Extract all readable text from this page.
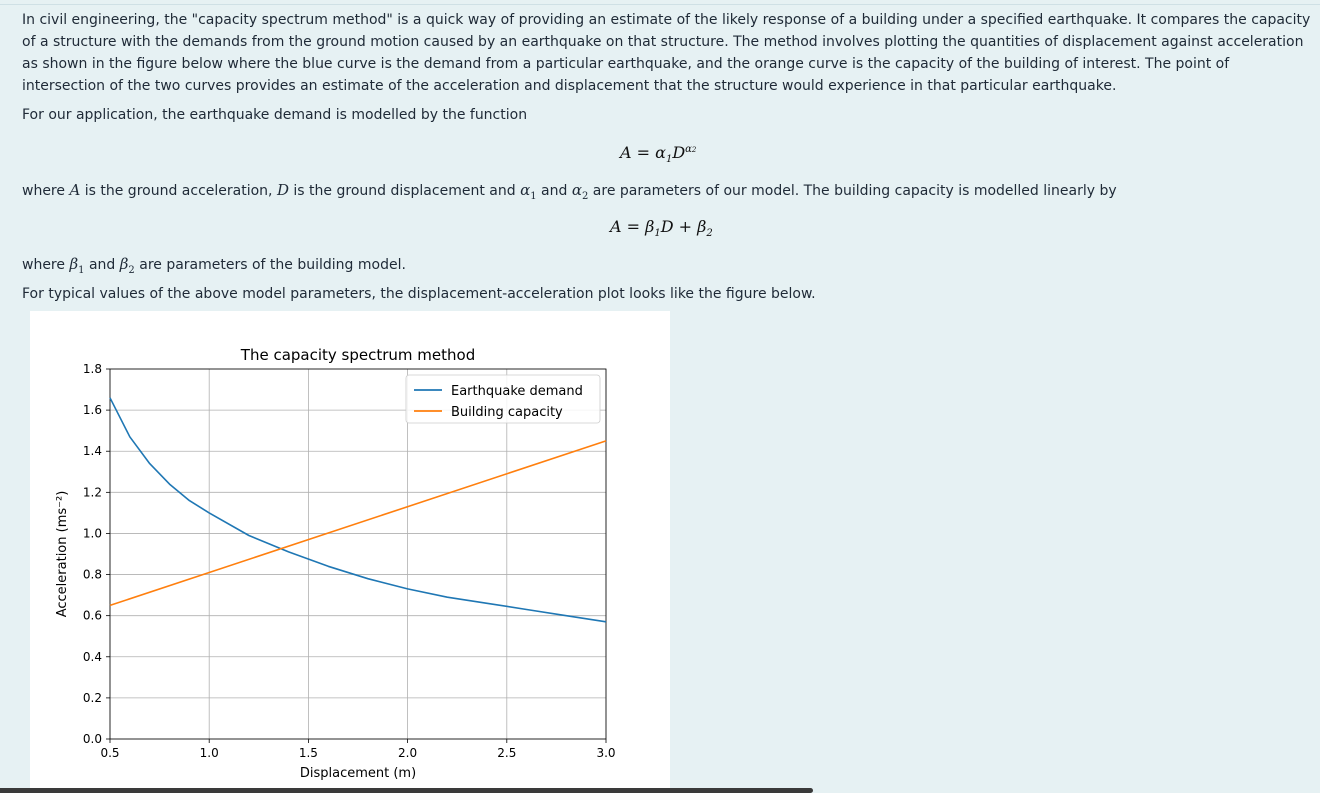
In civil engineering, the "capacity spectrum method" is a quick way of providing an estimate of the likely response of a building under a specified earthquake. It compares the capacity of a structure with the demands from the ground motion caused by an earthquake on that structure. The method involves plotting the quantities of displacement against acceleration as shown in the figure below where the blue curve is the demand from a particular earthquake, and the orange curve is the capacity of the building of interest. The point of intersection of the two curves provides an estimate of the acceleration and displacement that the structure would experience in that particular earthquake.

For our application, the earthquake demand is modelled by the function

$A = \alpha_1D^{\alpha 2}$
where A is the ground acceleration, D is the ground displacement and $\alpha_1$ and $\alpha_2$ are parameters of our model. The building capacity is modelled linearly by
$A = \beta_1D + \beta_2$
where $\beta_1$ and $\beta_2$ are parameters of the building model.
For typical values of the above model parameters, the displacement-acceleration plot looks like the figure below.
0.5	1.0	1.5	2.0	2.5	3.0
0.0
0.2
0.4
0.6
0.8
1.0
1.2
1.4
1.6
1.8
The capacity spectrum method
Displacement (m)
Acceleration (ms⁻²)
Earthquake demand
Building capacity
